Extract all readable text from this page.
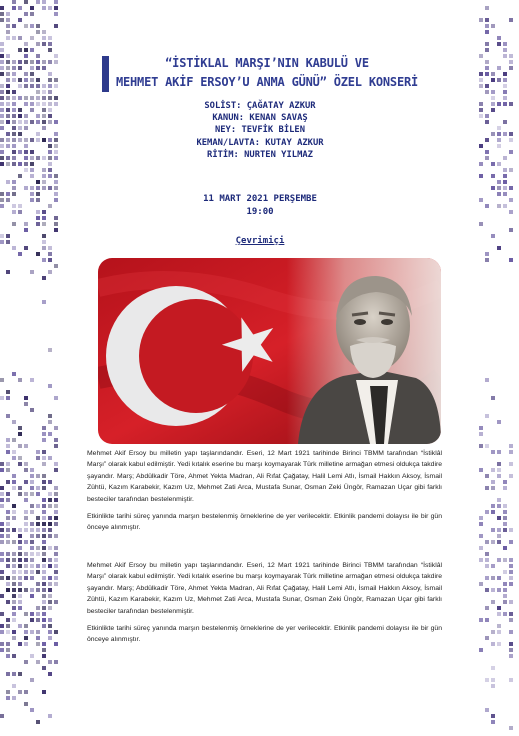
“İSTİKLAL MARŞI’NIN KABULÜ VE
MEHMET AKİF ERSOY’U ANMA GÜNÜ” ÖZEL KONSERİ
SOLİST: ÇAĞATAY AZKUR
KANUN: KENAN SAVAŞ
NEY: TEVFİK BİLEN
KEMAN/LAVTA: KUTAY AZKUR
RİTİM: NURTEN YILMAZ
11 MART 2021 PERŞEMBE
19:00
Çevrimiçi

Mehmet Akif Ersoy bu milletin yapı taşlarındandır. Eseri, 12 Mart 1921 tarihinde Birinci TBMM tarafından “İstiklâl Marşı” olarak kabul edilmiştir. Yedi kıtalık eserine bu marşı koymayarak Türk milletine armağan etmesi oldukça takdire şayandır. Marş; Abdülkadir Töre, Ahmet Yekta Madran, Ali Rıfat Çağatay, Halil Lemi Atlı, İsmail Hakkın Aksoy, İsmail Zühtü, Kazım Karabekir, Kazım Uz, Mehmet Zati Arca, Mustafa Sunar, Osman Zeki Üngör, Ramazan Uçar gibi farklı besteciler tarafından bestelenmiştir.

Etkinlikte tarihi süreç yanında marşın bestelenmiş örneklerine de yer verilecektir. Etkinlik pandemi dolayısı ile bir gün önceye alınmıştır.

Mehmet Akif Ersoy bu milletin yapı taşlarındandır. Eseri, 12 Mart 1921 tarihinde Birinci TBMM tarafından “İstiklâl Marşı” olarak kabul edilmiştir. Yedi kıtalık eserine bu marşı koymayarak Türk milletine armağan etmesi oldukça takdire şayandır. Marş; Abdülkadir Töre, Ahmet Yekta Madran, Ali Rıfat Çağatay, Halil Lemi Atlı, İsmail Hakkın Aksoy, İsmail Zühtü, Kazım Karabekir, Kazım Uz, Mehmet Zati Arca, Mustafa Sunar, Osman Zeki Üngör, Ramazan Uçar gibi farklı besteciler tarafından bestelenmiştir.

Etkinlikte tarihi süreç yanında marşın bestelenmiş örneklerine de yer verilecektir. Etkinlik pandemi dolayısı ile bir gün önceye alınmıştır.
